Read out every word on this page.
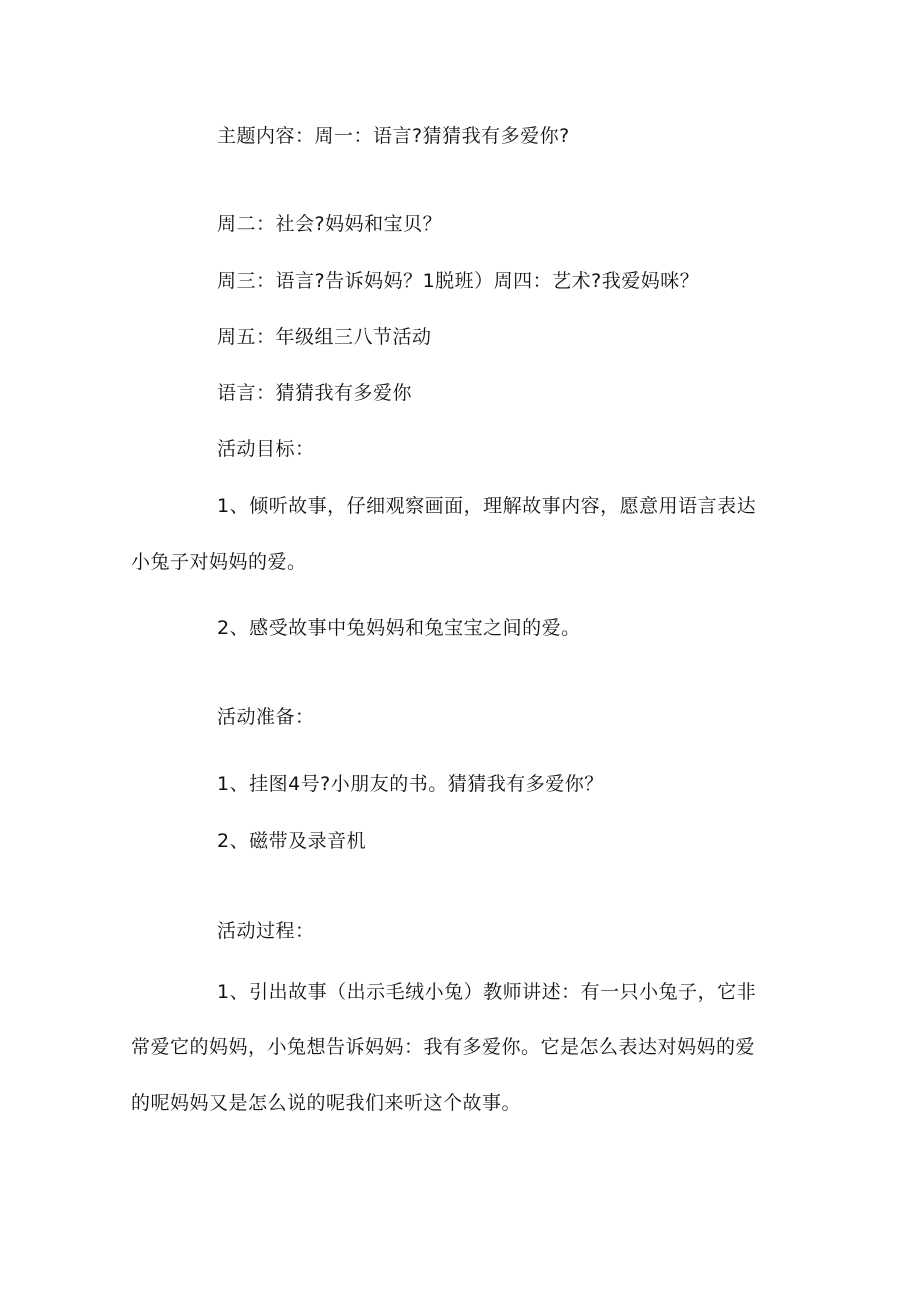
主题内容：周一：语言?猜猜我有多爱你?

周二：社会?妈妈和宝贝？

周三：语言?告诉妈妈？1脱班）周四：艺术?我爱妈咪？

周五：年级组三八节活动

语言：猜猜我有多爱你

活动目标：

1、倾听故事，仔细观察画面，理解故事内容，愿意用语言表达

小兔子对妈妈的爱。

2、感受故事中兔妈妈和兔宝宝之间的爱。

活动准备：

1、挂图4号?小朋友的书。猜猜我有多爱你？

2、磁带及录音机

活动过程：

1、引出故事（出示毛绒小兔）教师讲述：有一只小兔子，它非

常爱它的妈妈，小兔想告诉妈妈：我有多爱你。它是怎么表达对妈妈的爱

的呢妈妈又是怎么说的呢我们来听这个故事。
